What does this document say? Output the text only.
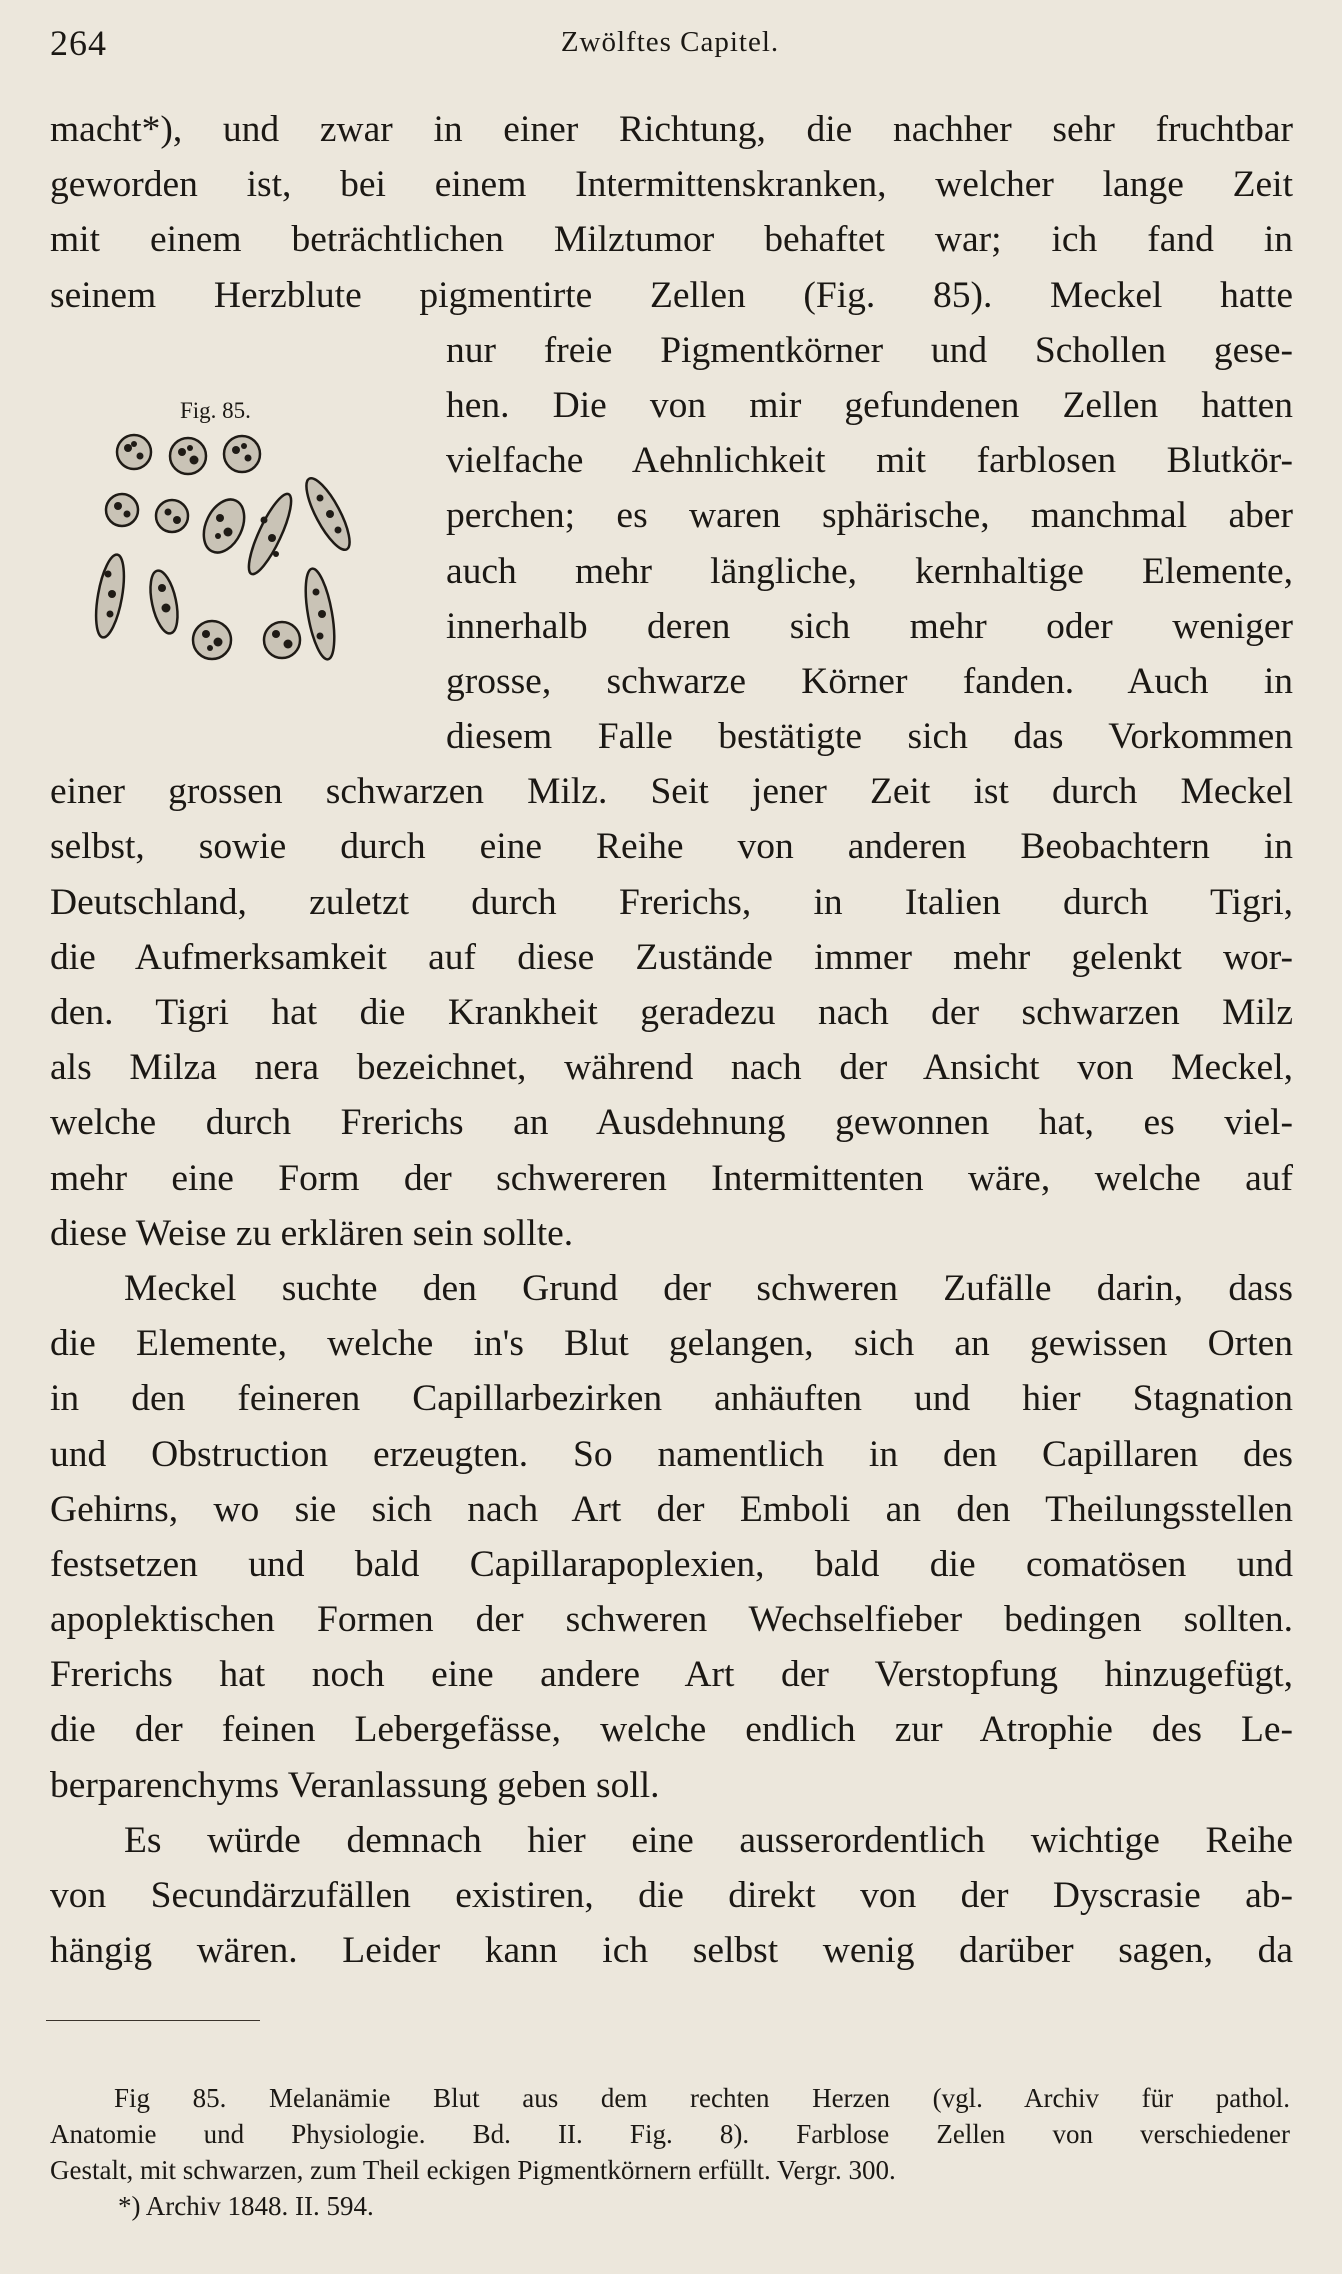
264	Zwölftes Capitel.
macht*), und zwar in einer Richtung, die nachher sehr fruchtbar
geworden ist, bei einem Intermittenskranken, welcher lange Zeit
mit einem beträchtlichen Milztumor behaftet war; ich fand in
seinem Herzblute pigmentirte Zellen (Fig. 85). Meckel hatte
nur freie Pigmentkörner und Schollen gese-
hen. Die von mir gefundenen Zellen hatten
vielfache Aehnlichkeit mit farblosen Blutkör-
perchen; es waren sphärische, manchmal aber
auch mehr längliche, kernhaltige Elemente,
innerhalb deren sich mehr oder weniger
grosse, schwarze Körner fanden. Auch in
diesem Falle bestätigte sich das Vorkommen
einer grossen schwarzen Milz. Seit jener Zeit ist durch Meckel
selbst, sowie durch eine Reihe von anderen Beobachtern in
Deutschland, zuletzt durch Frerichs, in Italien durch Tigri,
die Aufmerksamkeit auf diese Zustände immer mehr gelenkt wor-
den. Tigri hat die Krankheit geradezu nach der schwarzen Milz
als Milza nera bezeichnet, während nach der Ansicht von Meckel,
welche durch Frerichs an Ausdehnung gewonnen hat, es viel-
mehr eine Form der schwereren Intermittenten wäre, welche auf
diese Weise zu erklären sein sollte.
Meckel suchte den Grund der schweren Zufälle darin, dass
die Elemente, welche in's Blut gelangen, sich an gewissen Orten
in den feineren Capillarbezirken anhäuften und hier Stagnation
und Obstruction erzeugten. So namentlich in den Capillaren des
Gehirns, wo sie sich nach Art der Emboli an den Theilungsstellen
festsetzen und bald Capillarapoplexien, bald die comatösen und
apoplektischen Formen der schweren Wechselfieber bedingen sollten.
Frerichs hat noch eine andere Art der Verstopfung hinzugefügt,
die der feinen Lebergefässe, welche endlich zur Atrophie des Le-
berparenchyms Veranlassung geben soll.
Es würde demnach hier eine ausserordentlich wichtige Reihe
von Secundärzufällen existiren, die direkt von der Dyscrasie ab-
hängig wären. Leider kann ich selbst wenig darüber sagen, da
Fig. 85.
Fig 85. Melanämie Blut aus dem rechten Herzen (vgl. Archiv für pathol.
Anatomie und Physiologie. Bd. II. Fig. 8). Farblose Zellen von verschiedener
Gestalt, mit schwarzen, zum Theil eckigen Pigmentkörnern erfüllt. Vergr. 300.
*) Archiv 1848. II. 594.
